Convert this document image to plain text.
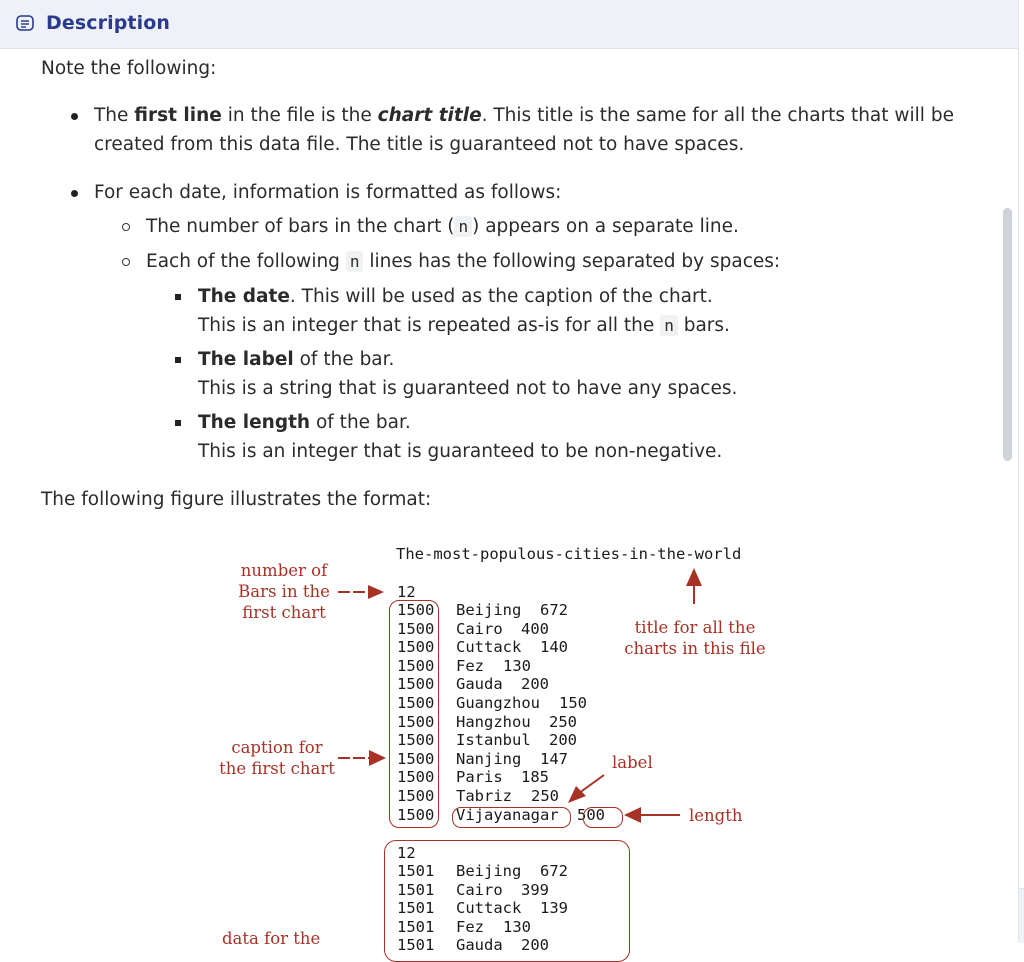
Description
Note the following:
The first line in the file is the chart title. This title is the same for all the charts that will be
created from this data file. The title is guaranteed not to have spaces.
For each date, information is formatted as follows:
The number of bars in the chart ( n ) appears on a separate line.
Each of the following n lines has the following separated by spaces:
The date. This will be used as the caption of the chart.
This is an integer that is repeated as-is for all the n bars.
The label of the bar.
This is a string that is guaranteed not to have any spaces.
The length of the bar.
This is an integer that is guaranteed to be non-negative.
The following figure illustrates the format:
The-most-populous-cities-in-the-world
12
1500 Beijing 672
1500 Cairo 400
1500 Cuttack 140
1500 Fez 130
1500 Gauda 200
1500 Guangzhou 150
1500 Hangzhou 250
1500 Istanbul 200
1500 Nanjing 147
1500 Paris 185
1500 Tabriz 250
1500 Vijayanagar 500
12
1501 Beijing 672
1501 Cairo 399
1501 Cuttack 139
1501 Fez 130
1501 Gauda 200
number of
Bars in the
first chart
caption for
the first chart
title for all the
charts in this file
label
length
data for the
